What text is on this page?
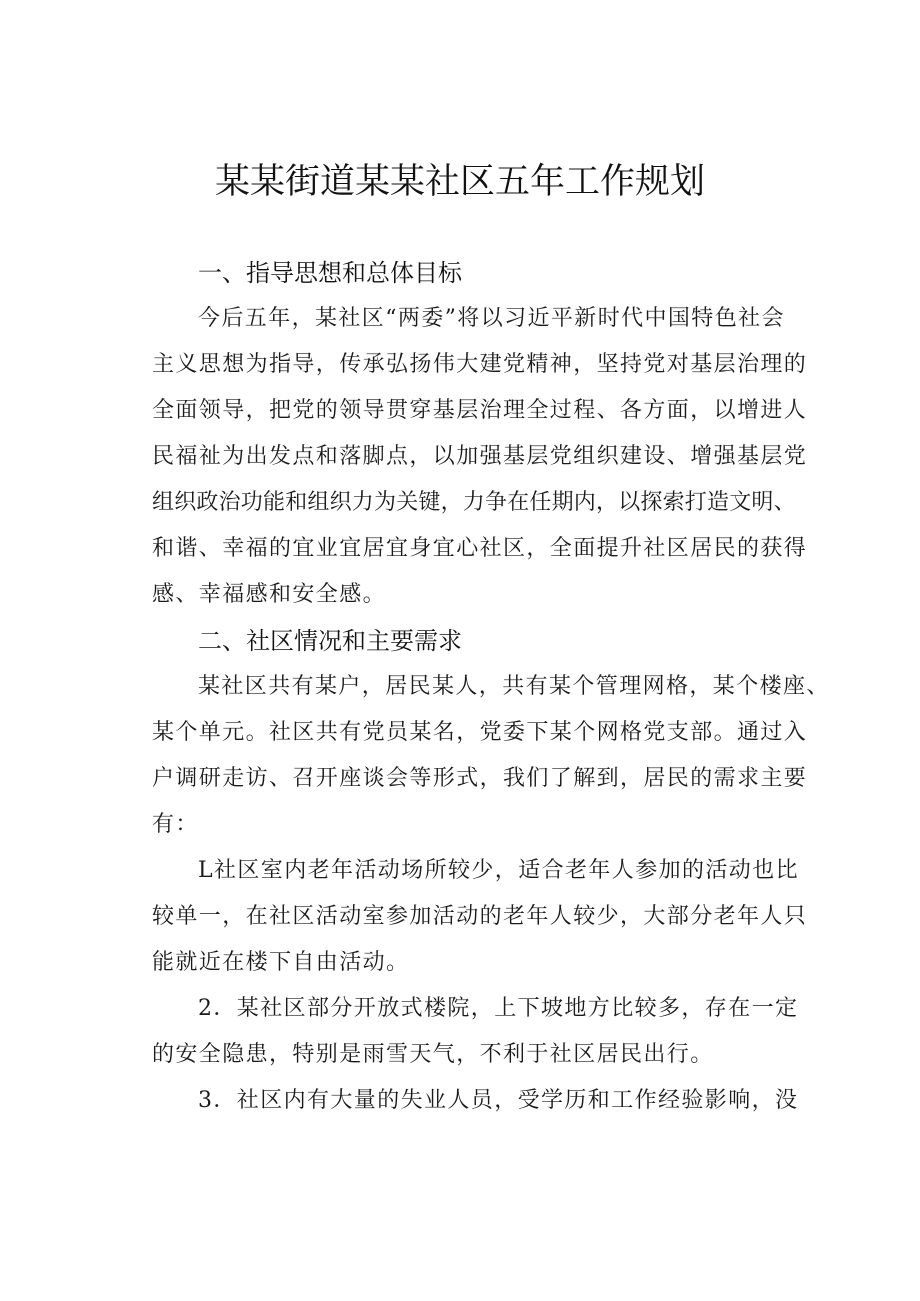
某某街道某某社区五年工作规划
一、指导思想和总体目标
今后五年，某社区“两委”将以习近平新时代中国特色社会
主义思想为指导，传承弘扬伟大建党精神，坚持党对基层治理的
全面领导，把党的领导贯穿基层治理全过程、各方面，以增进人
民福祉为出发点和落脚点，以加强基层党组织建设、增强基层党
组织政治功能和组织力为关键，力争在任期内，以探索打造文明、
和谐、幸福的宜业宜居宜身宜心社区，全面提升社区居民的获得
感、幸福感和安全感。
二、社区情况和主要需求
某社区共有某户，居民某人，共有某个管理网格，某个楼座、
某个单元。社区共有党员某名，党委下某个网格党支部。通过入
户调研走访、召开座谈会等形式，我们了解到，居民的需求主要
有：
L社区室内老年活动场所较少，适合老年人参加的活动也比
较单一，在社区活动室参加活动的老年人较少，大部分老年人只
能就近在楼下自由活动。
2．某社区部分开放式楼院，上下坡地方比较多，存在一定
的安全隐患，特别是雨雪天气，不利于社区居民出行。
3．社区内有大量的失业人员，受学历和工作经验影响，没
